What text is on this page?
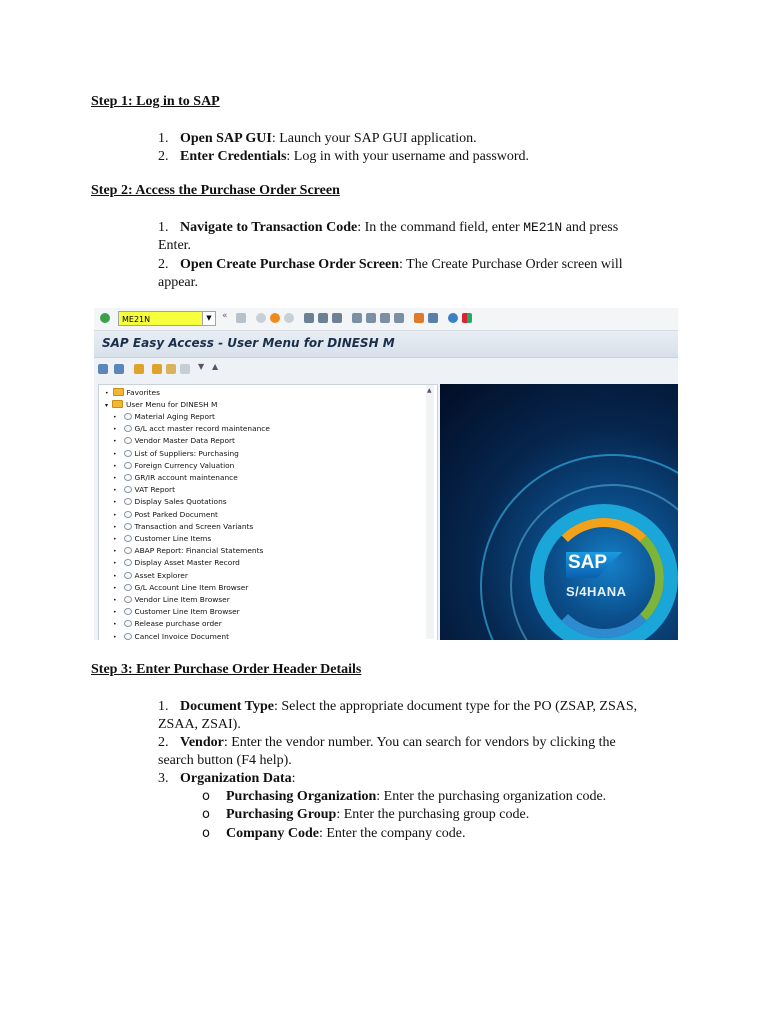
Step 1: Log in to SAP
1. Open SAP GUI: Launch your SAP GUI application.
2. Enter Credentials: Log in with your username and password.
Step 2: Access the Purchase Order Screen
1. Navigate to Transaction Code: In the command field, enter ME21N and press
Enter.
2. Open Create Purchase Order Screen: The Create Purchase Order screen will
appear.
ME21N	▼	«
SAP Easy Access - User Menu for DINESH M
▼ ▲
• Favorites
▾ User Menu for DINESH M
• Material Aging Report
• G/L acct master record maintenance
• Vendor Master Data Report
• List of Suppliers: Purchasing
• Foreign Currency Valuation
• GR/IR account maintenance
• VAT Report
• Display Sales Quotations
• Post Parked Document
• Transaction and Screen Variants
• Customer Line Items
• ABAP Report: Financial Statements
• Display Asset Master Record
• Asset Explorer
• G/L Account Line Item Browser
• Vendor Line Item Browser
• Customer Line Item Browser
• Release purchase order
• Cancel Invoice Document
▲
SAP
S/4HANA
Step 3: Enter Purchase Order Header Details
1. Document Type: Select the appropriate document type for the PO (ZSAP, ZSAS,
ZSAA, ZSAI).
2. Vendor: Enter the vendor number. You can search for vendors by clicking the
search button (F4 help).
3. Organization Data:
o Purchasing Organization: Enter the purchasing organization code.
o Purchasing Group: Enter the purchasing group code.
o Company Code: Enter the company code.
